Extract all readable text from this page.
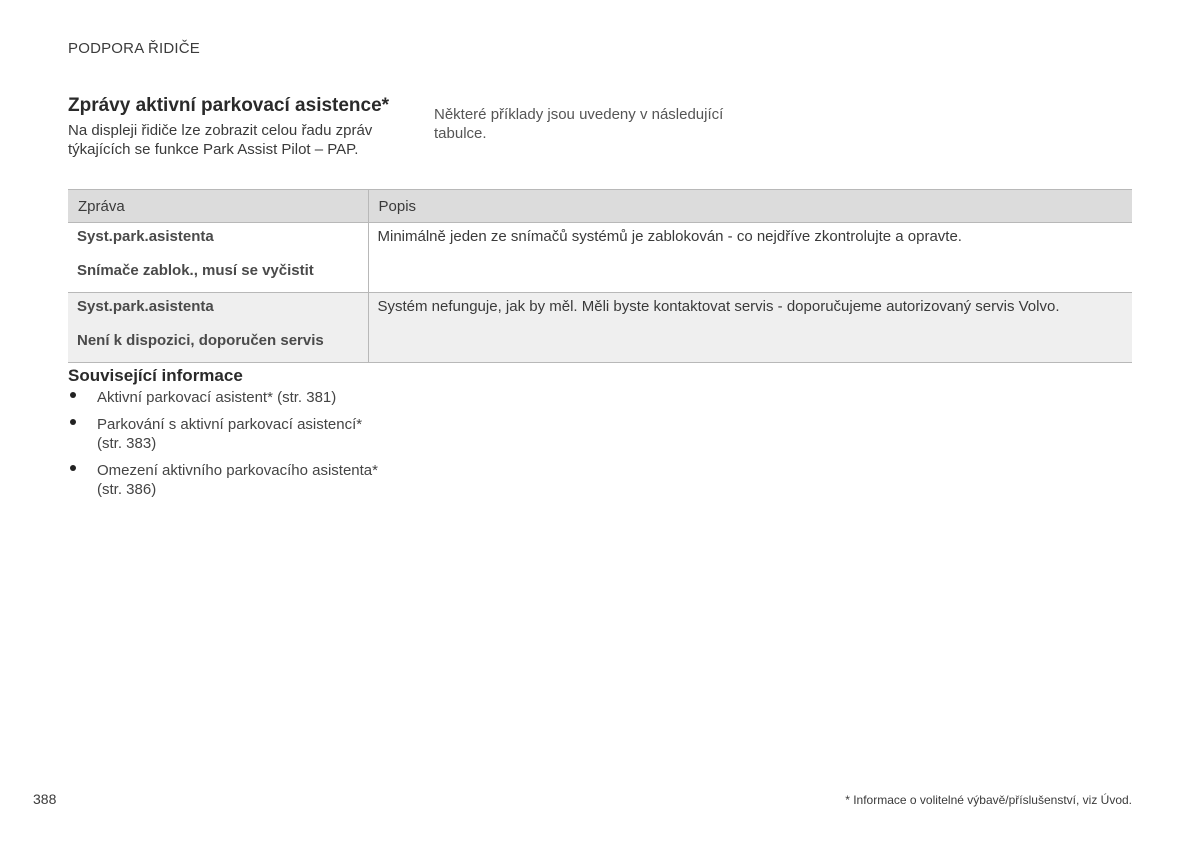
PODPORA ŘIDIČE
Zprávy aktivní parkovací asistence*

Na displeji řidiče lze zobrazit celou řadu zpráv týkajících se funkce Park Assist Pilot – PAP.

Některé příklady jsou uvedeny v následující tabulce.

Zpráva	Popis

Syst.park.asistenta
Snímače zablok., musí se vyčistit	Minimálně jeden ze snímačů systémů je zablokován - co nejdříve zkontrolujte a opravte.

Syst.park.asistenta
Není k dispozici, doporučen servis	Systém nefunguje, jak by měl. Měli byste kontaktovat servis - doporučujeme autorizovaný servis Volvo.
Související informace
Aktivní parkovací asistent* (str. 381)
Parkování s aktivní parkovací asistencí* (str. 383)
Omezení aktivního parkovacího asistenta* (str. 386)
388	* Informace o volitelné výbavě/příslušenství, viz Úvod.
